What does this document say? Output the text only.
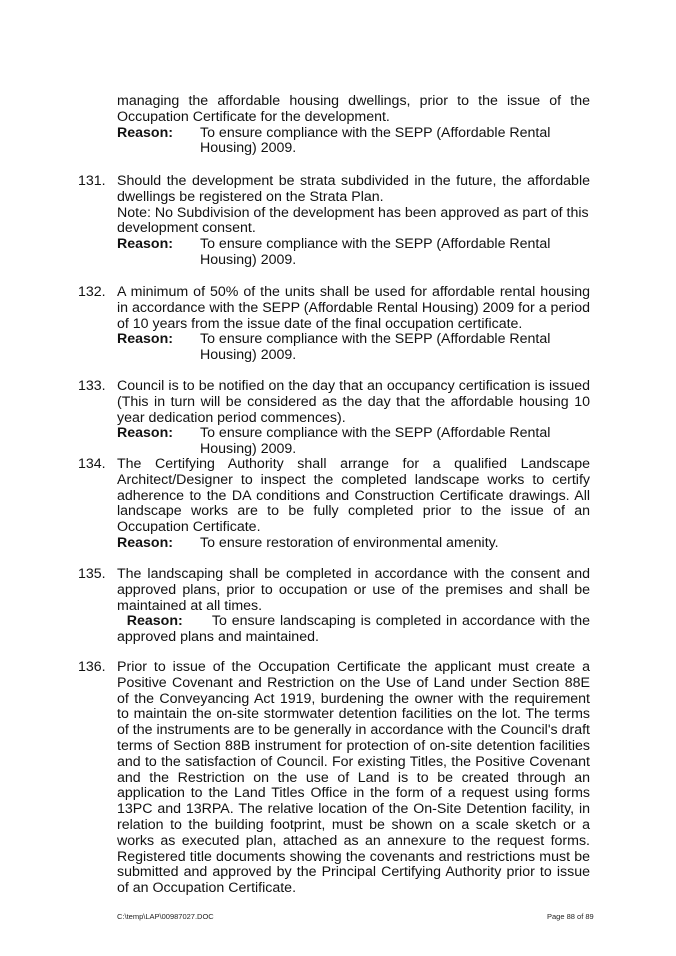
managing the affordable housing dwellings, prior to the issue of the Occupation Certificate for the development.

Reason:	To ensure compliance with the SEPP (Affordable Rental Housing) 2009.
131. Should the development be strata subdivided in the future, the affordable dwellings be registered on the Strata Plan.

Note: No Subdivision of the development has been approved as part of this development consent.

Reason:	To ensure compliance with the SEPP (Affordable Rental Housing) 2009.
132. A minimum of 50% of the units shall be used for affordable rental housing in accordance with the SEPP (Affordable Rental Housing) 2009 for a period of 10 years from the issue date of the final occupation certificate.

Reason:	To ensure compliance with the SEPP (Affordable Rental Housing) 2009.
133. Council is to be notified on the day that an occupancy certification is issued (This in turn will be considered as the day that the affordable housing 10 year dedication period commences).

Reason:	To ensure compliance with the SEPP (Affordable Rental Housing) 2009.
134. The Certifying Authority shall arrange for a qualified Landscape Architect/Designer to inspect the completed landscape works to certify adherence to the DA conditions and Construction Certificate drawings. All landscape works are to be fully completed prior to the issue of an Occupation Certificate.

Reason:	To ensure restoration of environmental amenity.
135. The landscaping shall be completed in accordance with the consent and approved plans, prior to occupation or use of the premises and shall be maintained at all times.

Reason: To ensure landscaping is completed in accordance with the approved plans and maintained.

136. Prior to issue of the Occupation Certificate the applicant must create a Positive Covenant and Restriction on the Use of Land under Section 88E of the Conveyancing Act 1919, burdening the owner with the requirement to maintain the on-site stormwater detention facilities on the lot. The terms of the instruments are to be generally in accordance with the Council's draft terms of Section 88B instrument for protection of on-site detention facilities and to the satisfaction of Council. For existing Titles, the Positive Covenant and the Restriction on the use of Land is to be created through an application to the Land Titles Office in the form of a request using forms 13PC and 13RPA. The relative location of the On-Site Detention facility, in relation to the building footprint, must be shown on a scale sketch or a works as executed plan, attached as an annexure to the request forms. Registered title documents showing the covenants and restrictions must be submitted and approved by the Principal Certifying Authority prior to issue of an Occupation Certificate.

C:\temp\LAP\00987027.DOC	Page 88 of 89
